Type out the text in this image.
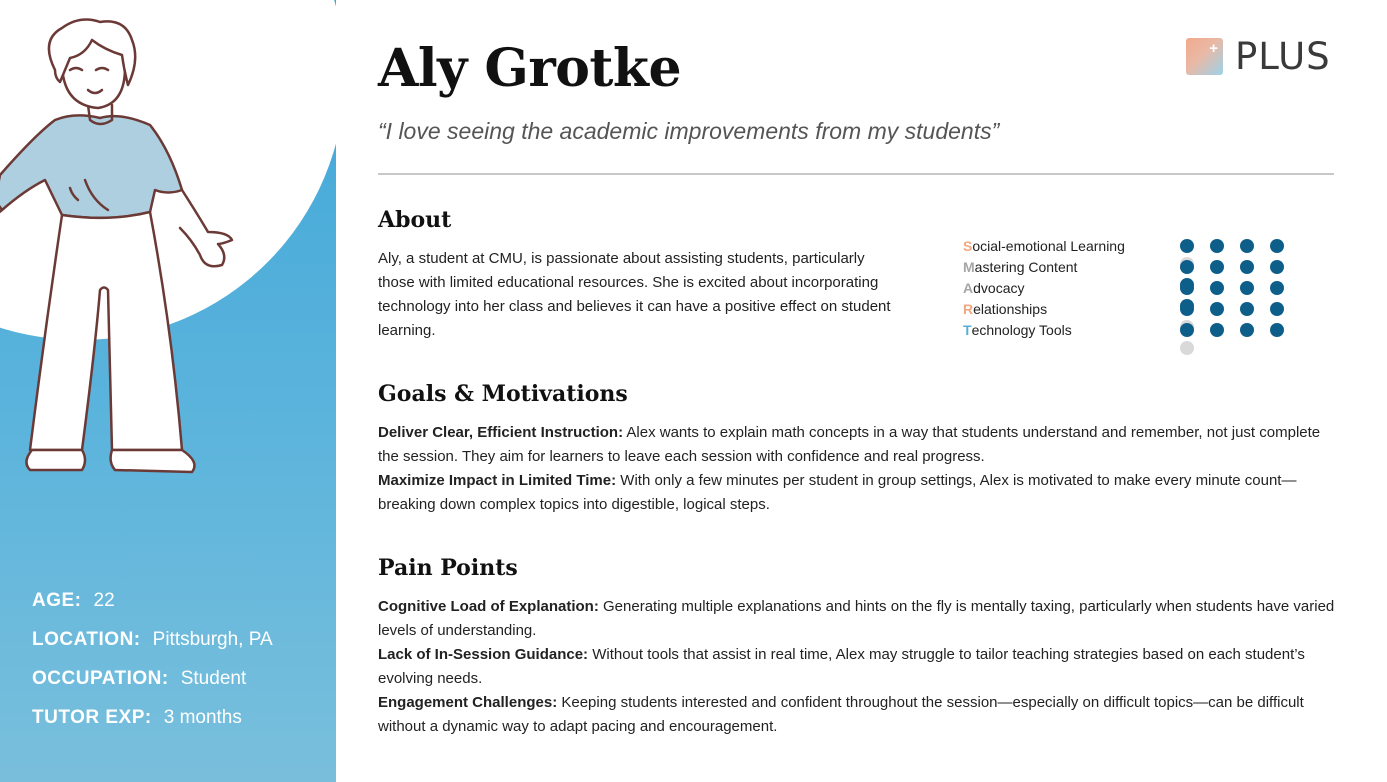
AGE: 22
LOCATION: Pittsburgh, PA
OCCUPATION: Student
TUTOR EXP: 3 months
+ PLUS
Aly Grotke
“I love seeing the academic improvements from my students”
About
Aly, a student at CMU, is passionate about assisting students, particularly those with limited educational resources. She is excited about incorporating technology into her class and believes it can have a positive effect on student learning.
Social-emotional Learning
Mastering Content
Advocacy
Relationships
Technology Tools
Goals & Motivations

Deliver Clear, Efficient Instruction: Alex wants to explain math concepts in a way that students understand and remember, not just complete the session. They aim for learners to leave each session with confidence and real progress.

Maximize Impact in Limited Time: With only a few minutes per student in group settings, Alex is motivated to make every minute count—breaking down complex topics into digestible, logical steps.

Pain Points

Cognitive Load of Explanation: Generating multiple explanations and hints on the fly is mentally taxing, particularly when students have varied levels of understanding.

Lack of In-Session Guidance: Without tools that assist in real time, Alex may struggle to tailor teaching strategies based on each student’s evolving needs.

Engagement Challenges: Keeping students interested and confident throughout the session—especially on difficult topics—can be difficult without a dynamic way to adapt pacing and encouragement.
